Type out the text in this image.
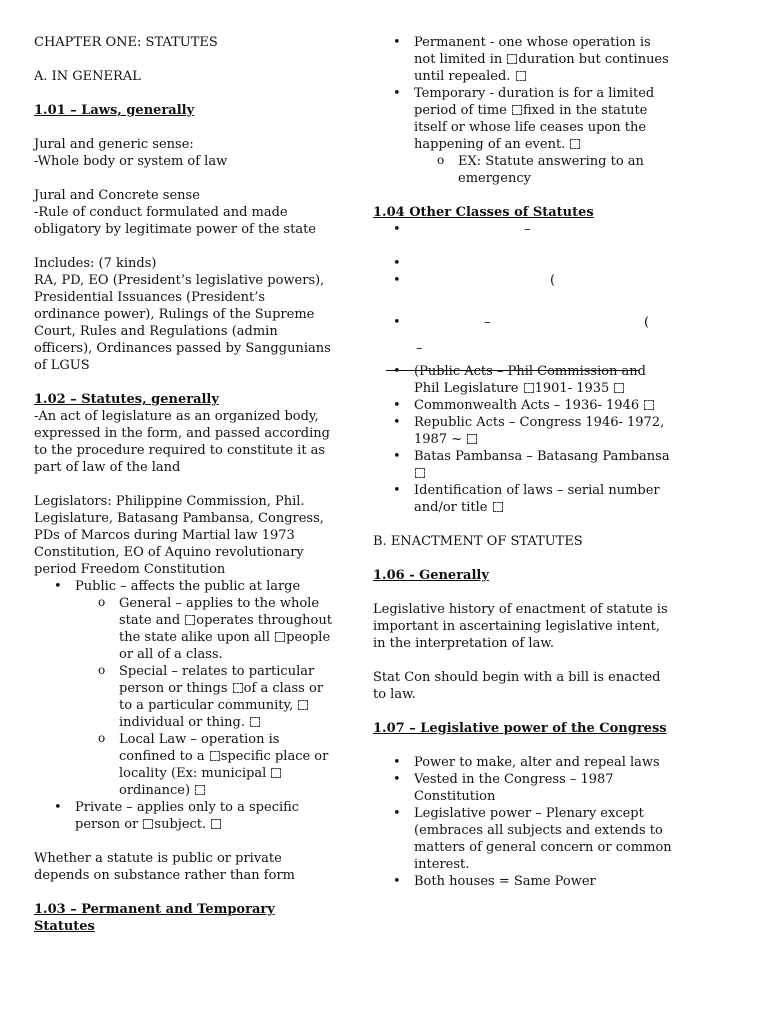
CHAPTER ONE: STATUTES

A. IN GENERAL

1.01 – Laws, generally

Jural and generic sense:

-Whole body or system of law

Jural and Concrete sense

-Rule of conduct formulated and made obligatory by legitimate power of the state

Includes: (7 kinds)

RA, PD, EO (President’s legislative powers), Presidential Issuances (President’s ordinance power), Rulings of the Supreme Court, Rules and Regulations (admin officers), Ordinances passed by Sanggunians of LGUS

1.02 – Statutes, generally

-An act of legislature as an organized body, expressed in the form, and passed according to the procedure required to constitute it as part of law of the land

Legislators: Philippine Commission, Phil. Legislature, Batasang Pambansa, Congress, PDs of Marcos during Martial law 1973 Constitution, EO of Aquino revolutionary period Freedom Constitution

• Public – affects the public at large
o General – applies to the whole state and operates throughout the state alike upon all people or all of a class.
o Special – relates to particular person or things of a class or to a particular community, individual or thing.
o Local Law – operation is confined to a specific place or locality (Ex: municipal ordinance)
• Private – applies only to a specific person or subject.

Whether a statute is public or private depends on substance rather than form

1.03 – Permanent and Temporary Statutes

• Permanent - one whose operation is not limited in duration but continues until repealed.
• Temporary - duration is for a limited period of time fixed in the statute itself or whose life ceases upon the happening of an event.
o EX: Statute answering to an emergency

1.04 Other Classes of Statutes

• –
•
• (
• –	(
–
• (Public Acts – Phil Commission and Phil Legislature 1901- 1935
• Commonwealth Acts – 1936- 1946
• Republic Acts – Congress 1946- 1972, 1987 ~
• Batas Pambansa – Batasang Pambansa
• Identification of laws – serial number and/or title

B. ENACTMENT OF STATUTES

1.06 - Generally

Legislative history of enactment of statute is important in ascertaining legislative intent, in the interpretation of law.

Stat Con should begin with a bill is enacted to law.

1.07 – Legislative power of the Congress

• Power to make, alter and repeal laws
• Vested in the Congress – 1987 Constitution
• Legislative power – Plenary except (embraces all subjects and extends to matters of general concern or common interest.
• Both houses = Same Power
